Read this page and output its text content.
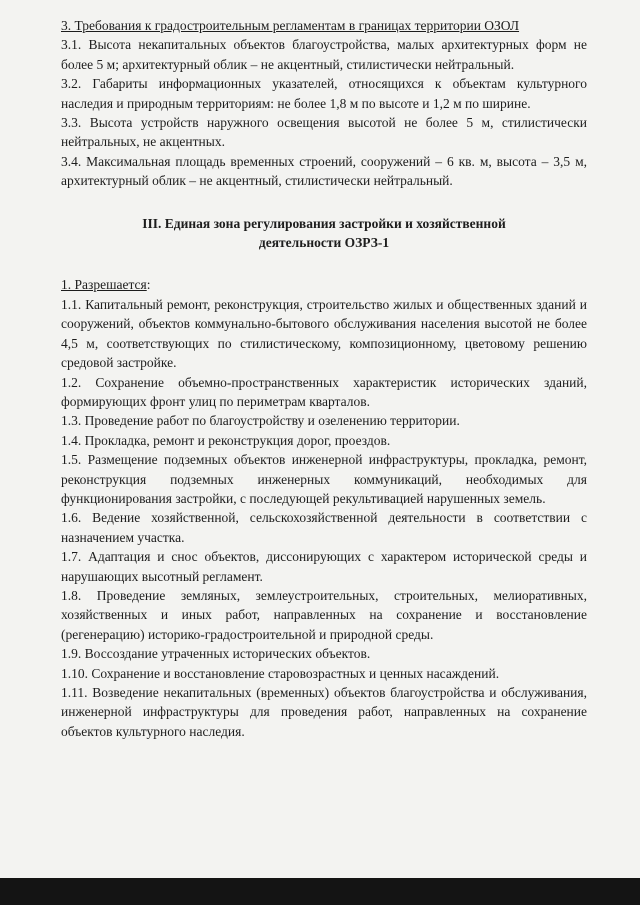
3. Требования к градостроительным регламентам в границах территории ОЗОЛ

3.1. Высота некапитальных объектов благоустройства, малых архитектурных форм не более 5 м; архитектурный облик – не акцентный, стилистически нейтральный.

3.2. Габариты информационных указателей, относящихся к объектам культурного наследия и природным территориям: не более 1,8 м по высоте и 1,2 м по ширине.

3.3. Высота устройств наружного освещения высотой не более 5 м, стилистически нейтральных, не акцентных.

3.4. Максимальная площадь временных строений, сооружений – 6 кв. м, высота – 3,5 м, архитектурный облик – не акцентный, стилистически нейтральный.

III. Единая зона регулирования застройки и хозяйственной
деятельности ОЗРЗ-1

1. Разрешается:

1.1. Капитальный ремонт, реконструкция, строительство жилых и общественных зданий и сооружений, объектов коммунально-бытового обслуживания населения высотой не более 4,5 м, соответствующих по стилистическому, композиционному, цветовому решению средовой застройке.

1.2. Сохранение объемно-пространственных характеристик исторических зданий, формирующих фронт улиц по периметрам кварталов.

1.3. Проведение работ по благоустройству и озеленению территории.

1.4. Прокладка, ремонт и реконструкция дорог, проездов.

1.5. Размещение подземных объектов инженерной инфраструктуры, прокладка, ремонт, реконструкция подземных инженерных коммуникаций, необходимых для функционирования застройки, с последующей рекультивацией нарушенных земель.

1.6. Ведение хозяйственной, сельскохозяйственной деятельности в соответствии с назначением участка.

1.7. Адаптация и снос объектов, диссонирующих с характером исторической среды и нарушающих высотный регламент.

1.8. Проведение земляных, землеустроительных, строительных, мелиоративных, хозяйственных и иных работ, направленных на сохранение и восстановление (регенерацию) историко-градостроительной и природной среды.

1.9. Воссоздание утраченных исторических объектов.

1.10. Сохранение и восстановление старовозрастных и ценных насаждений.

1.11. Возведение некапитальных (временных) объектов благоустройства и обслуживания, инженерной инфраструктуры для проведения работ, направленных на сохранение объектов культурного наследия.
